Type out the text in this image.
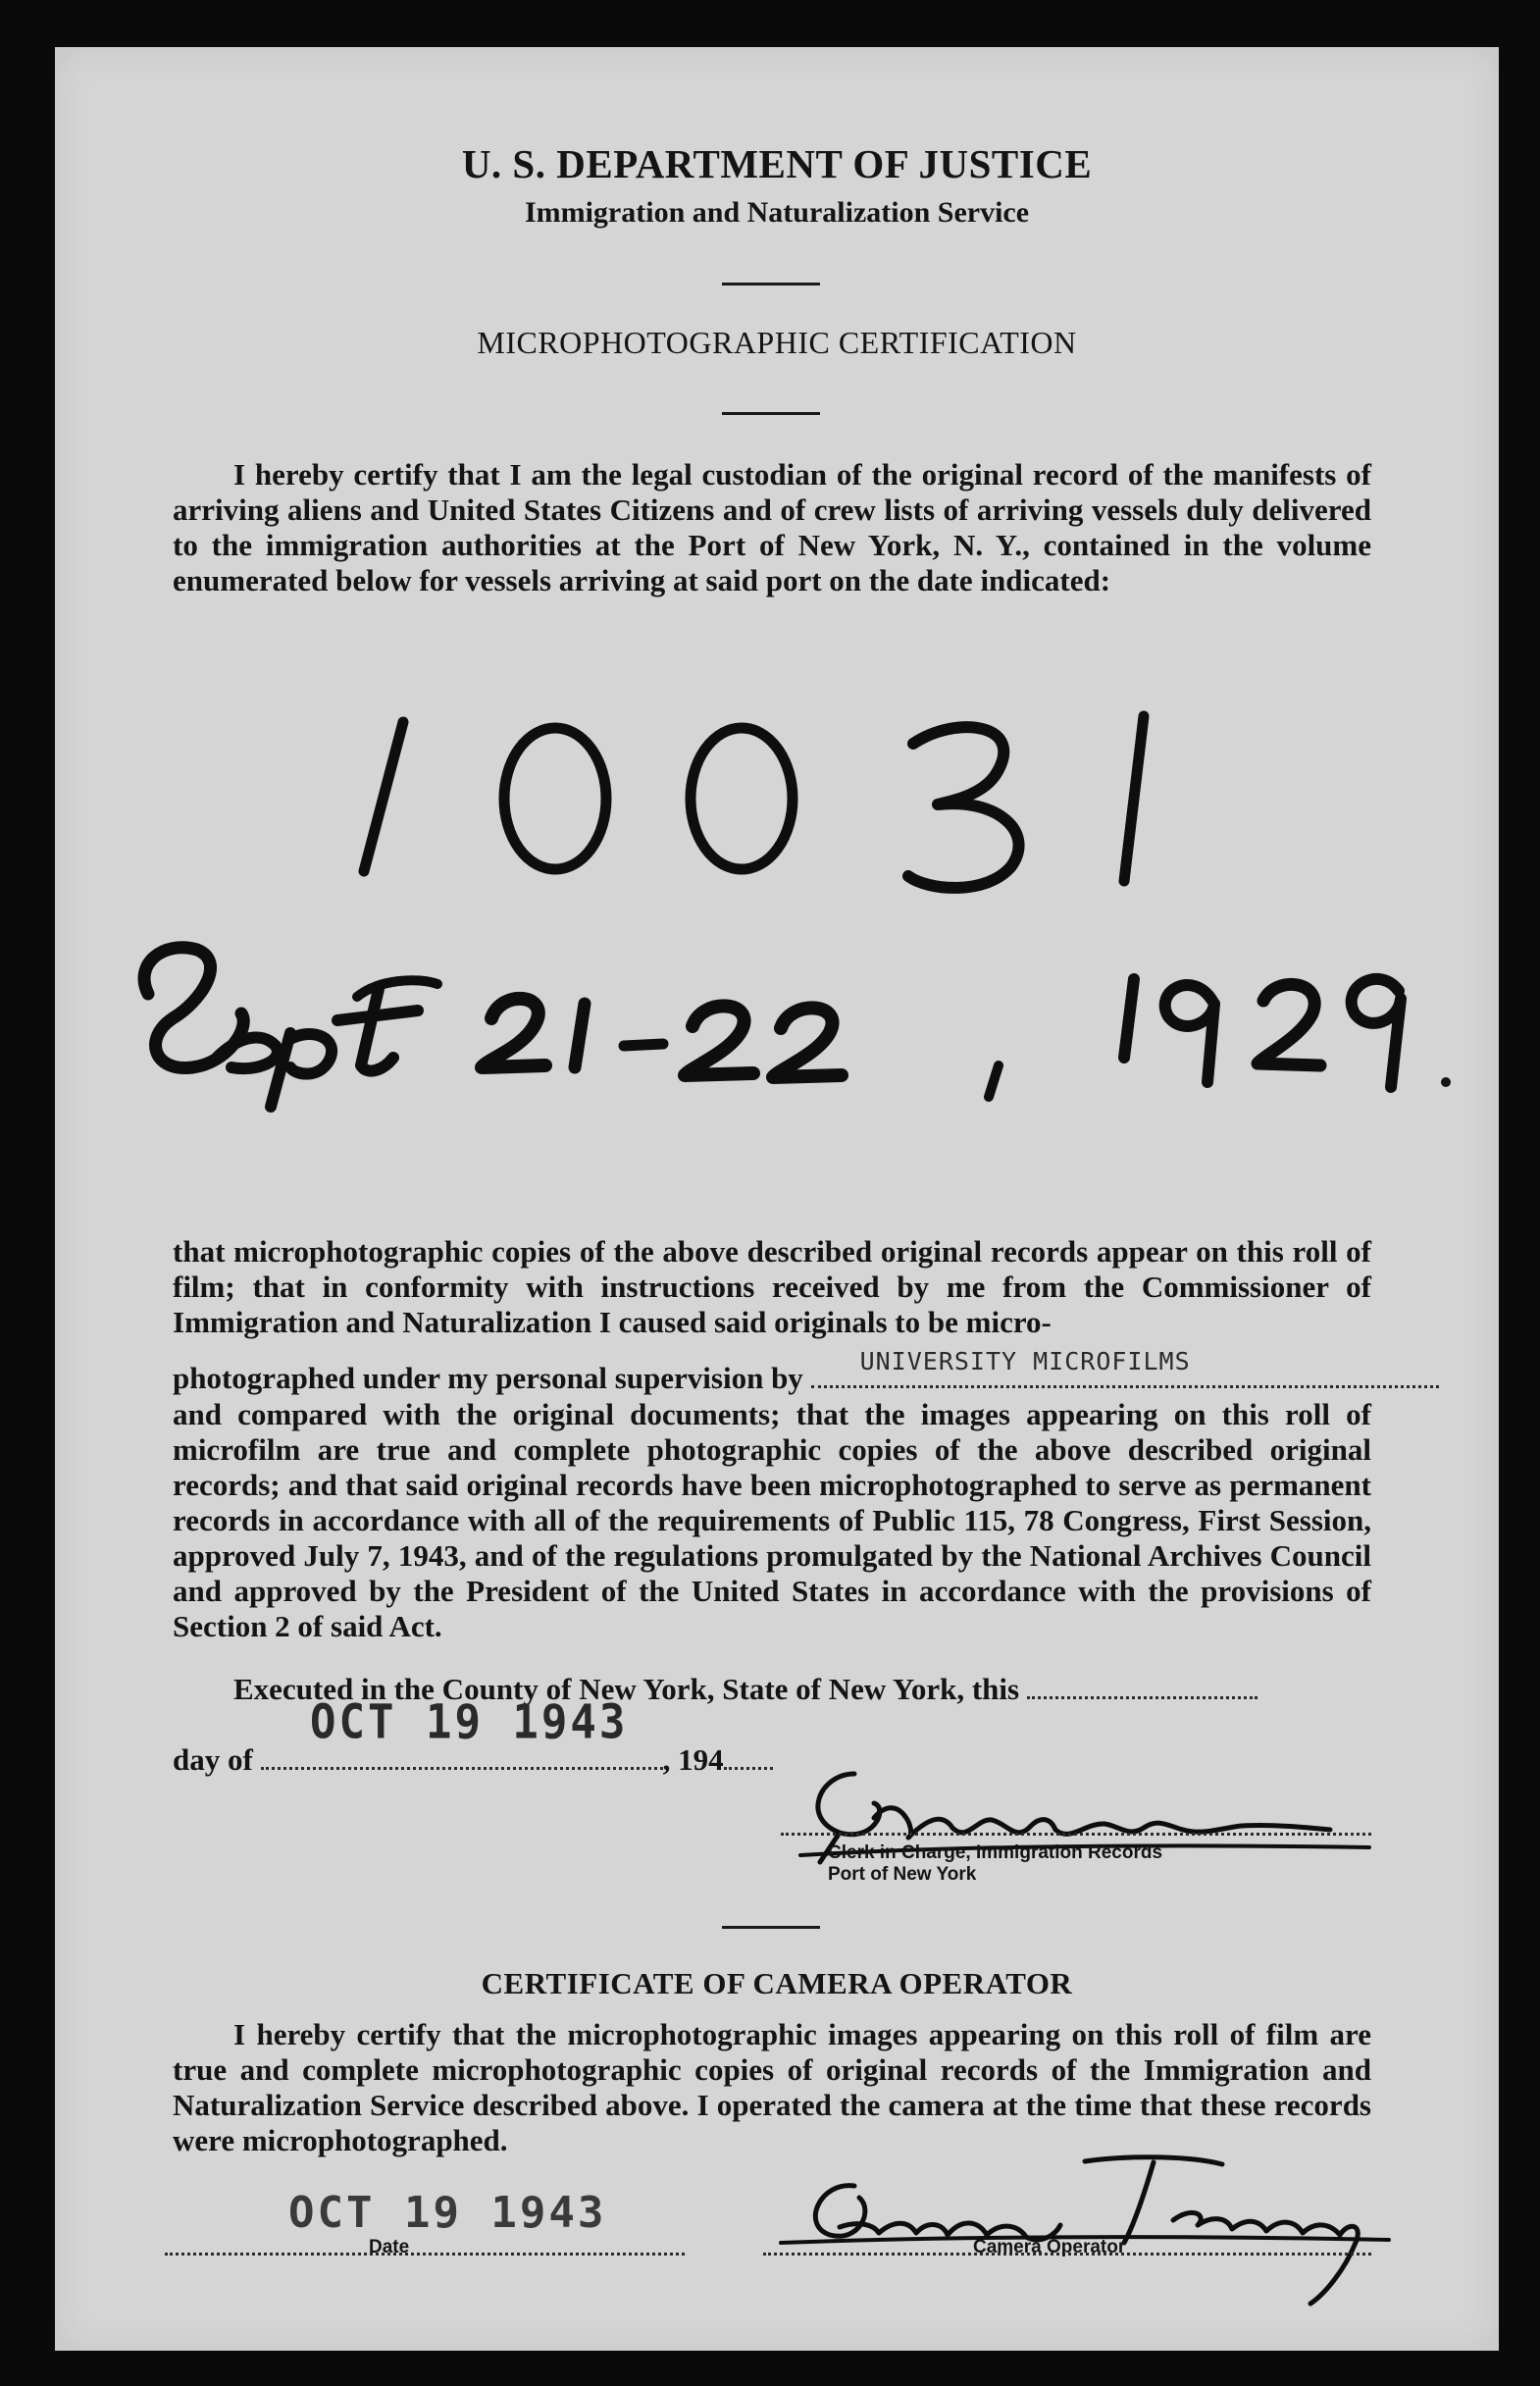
U. S. DEPARTMENT OF JUSTICE
Immigration and Naturalization Service
MICROPHOTOGRAPHIC CERTIFICATION
I hereby certify that I am the legal custodian of the original record of the manifests of arriving aliens and United States Citizens and of crew lists of arriving vessels duly delivered to the immigration authorities at the Port of New York, N. Y., contained in the volume enumerated below for vessels arriving at said port on the date indicated:
that microphotographic copies of the above described original records appear on this roll of film; that in conformity with instructions received by me from the Commissioner of Immigration and Naturalization I caused said originals to be micro-
photographed under my personal supervision by UNIVERSITY MICROFILMS
and compared with the original documents; that the images appearing on this roll of microfilm are true and complete photographic copies of the above described original records; and that said original records have been microphotographed to serve as permanent records in accordance with all of the requirements of Public 115, 78 Congress, First Session, approved July 7, 1943, and of the regulations promulgated by the National Archives Council and approved by the President of the United States in accordance with the provisions of Section 2 of said Act.
Executed in the County of New York, State of New York, this
day of	, 194
OCT 19 1943
Clerk in Charge, Immigration Records
Port of New York
CERTIFICATE OF CAMERA OPERATOR
I hereby certify that the microphotographic images appearing on this roll of film are true and complete microphotographic copies of original records of the Immigration and Naturalization Service described above. I operated the camera at the time that these records were microphotographed.
OCT 19 1943
Date	Camera Operator
